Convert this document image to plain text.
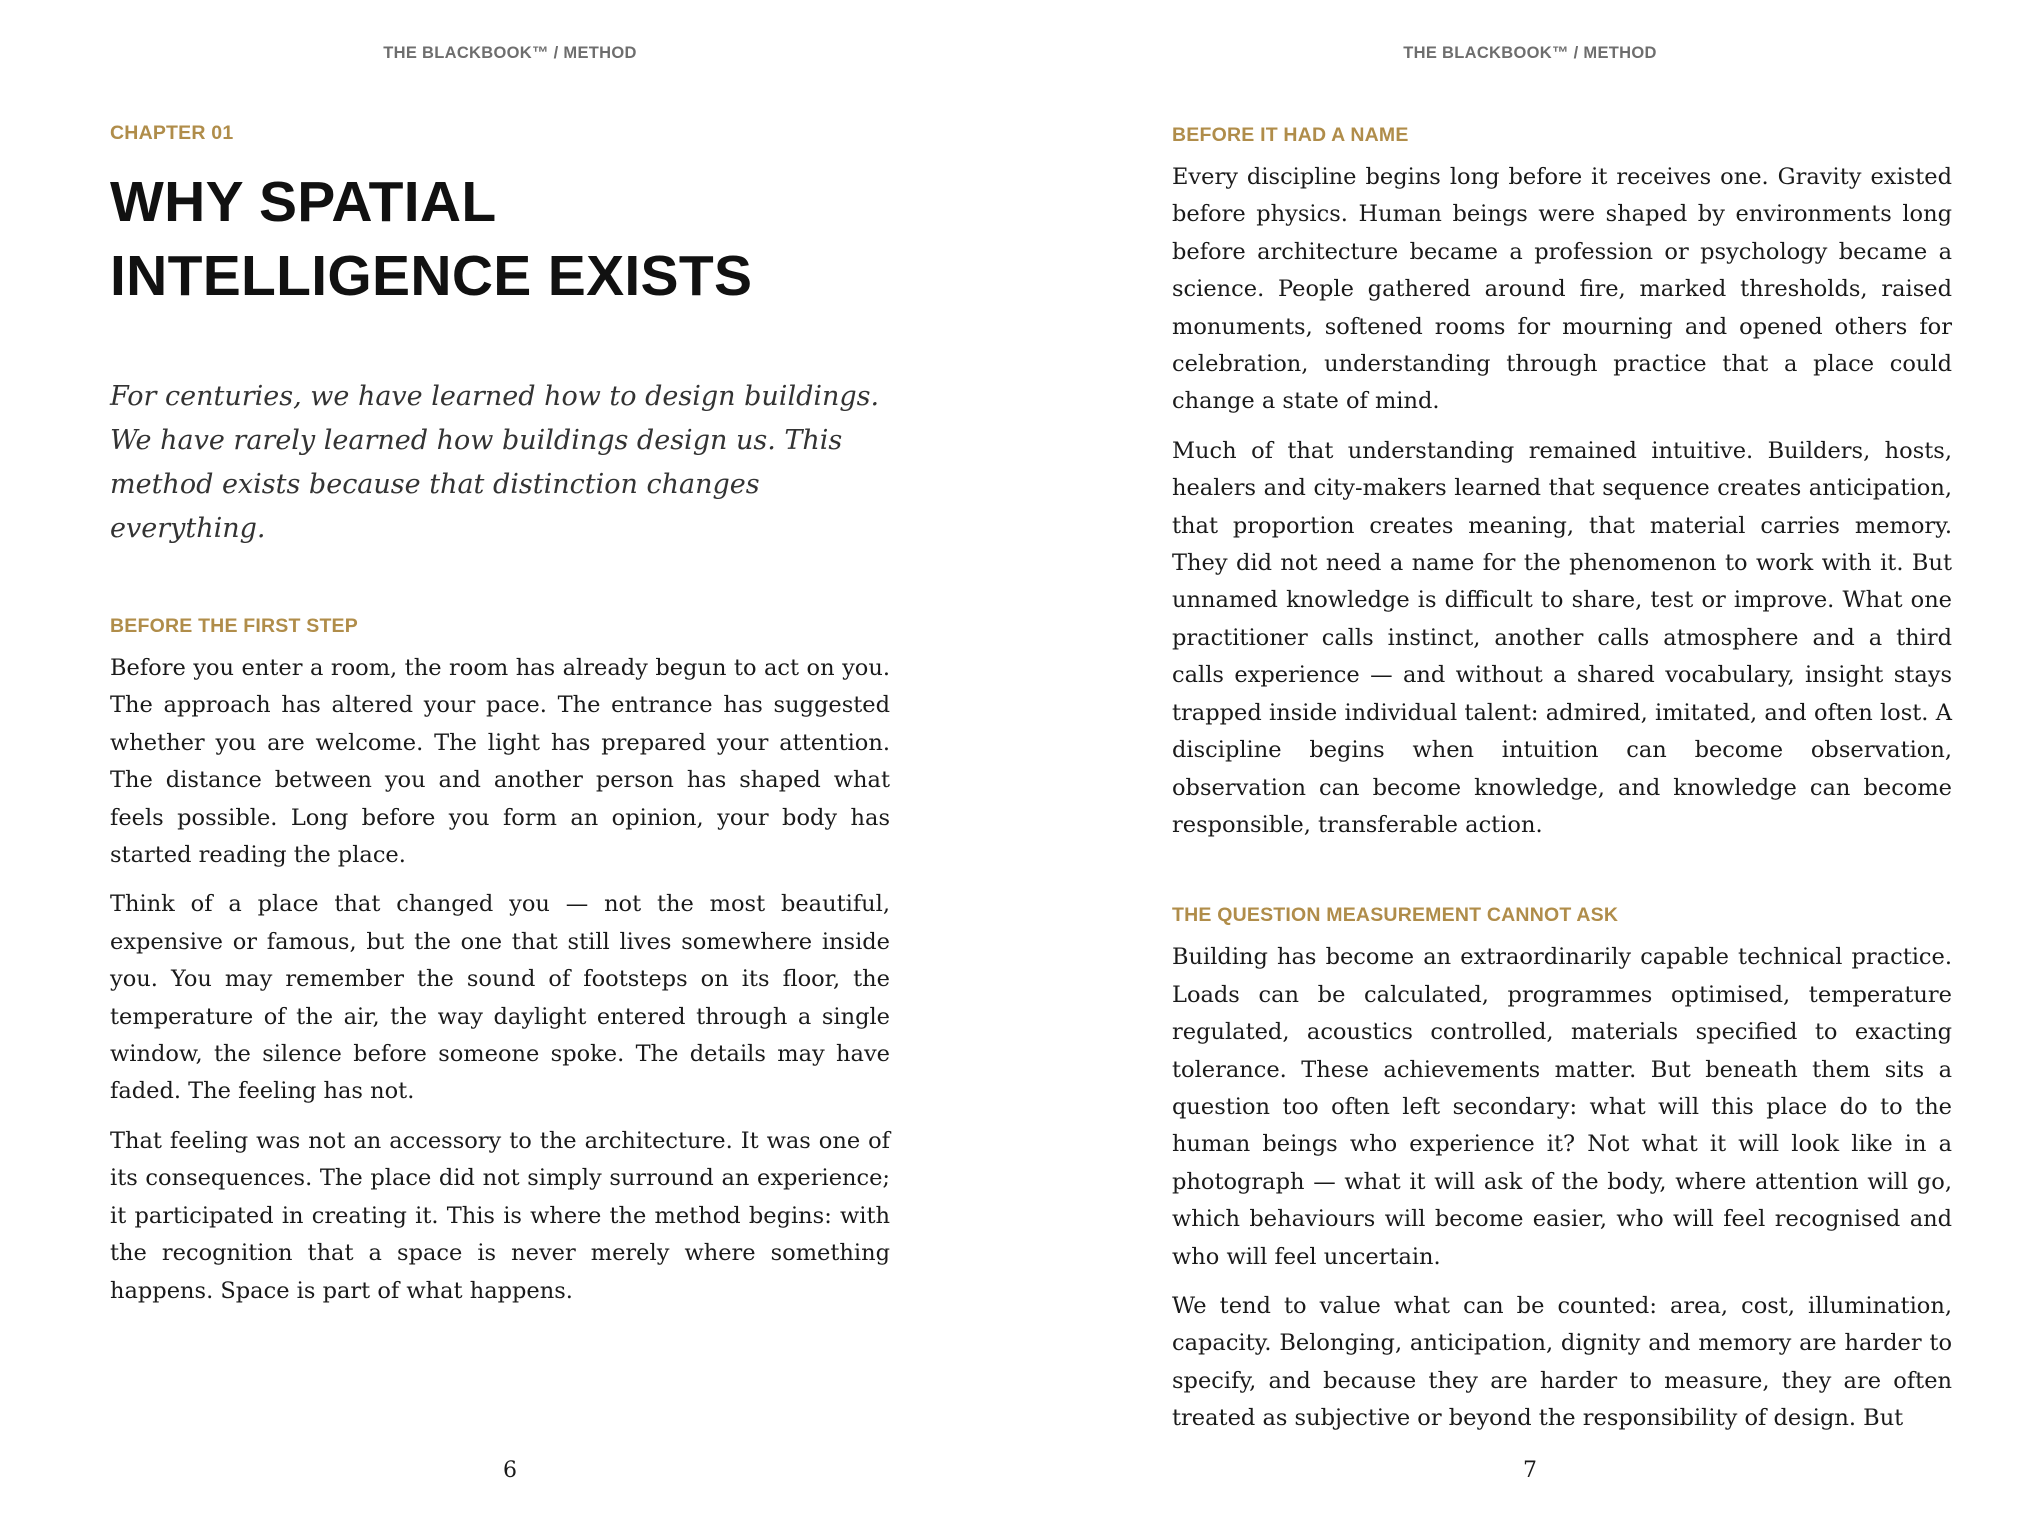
THE BLACKBOOK™ / METHOD

CHAPTER 01

WHY SPATIAL
INTELLIGENCE EXISTS

For centuries, we have learned how to design buildings. We have rarely learned how buildings design us. This method exists because that distinction changes everything.

BEFORE THE FIRST STEP

Before you enter a room, the room has already begun to act on you. The approach has altered your pace. The entrance has suggested whether you are welcome. The light has prepared your attention. The distance between you and another person has shaped what feels possible. Long before you form an opinion, your body has started reading the place.

Think of a place that changed you — not the most beautiful, expensive or famous, but the one that still lives somewhere inside you. You may remember the sound of footsteps on its floor, the temperature of the air, the way daylight entered through a single window, the silence before someone spoke. The details may have faded. The feeling has not.

That feeling was not an accessory to the architecture. It was one of its consequences. The place did not simply surround an experience; it participated in creating it. This is where the method begins: with the recognition that a space is never merely where something happens. Space is part of what happens.

6
THE BLACKBOOK™ / METHOD
BEFORE IT HAD A NAME

Every discipline begins long before it receives one. Gravity existed before physics. Human beings were shaped by environments long before architecture became a profession or psychology became a science. People gathered around fire, marked thresholds, raised monuments, softened rooms for mourning and opened others for celebration, understanding through practice that a place could change a state of mind.

Much of that understanding remained intuitive. Builders, hosts, healers and city-makers learned that sequence creates anticipation, that proportion creates meaning, that material carries memory. They did not need a name for the phenomenon to work with it. But unnamed knowledge is difficult to share, test or improve. What one practitioner calls instinct, another calls atmosphere and a third calls experience — and without a shared vocabulary, insight stays trapped inside individual talent: admired, imitated, and often lost. A discipline begins when intuition can become observation, observation can become knowledge, and knowledge can become responsible, transferable action.

THE QUESTION MEASUREMENT CANNOT ASK

Building has become an extraordinarily capable technical practice. Loads can be calculated, programmes optimised, temperature regulated, acoustics controlled, materials specified to exacting tolerance. These achievements matter. But beneath them sits a question too often left secondary: what will this place do to the human beings who experience it? Not what it will look like in a photograph — what it will ask of the body, where attention will go, which behaviours will become easier, who will feel recognised and who will feel uncertain.

We tend to value what can be counted: area, cost, illumination, capacity. Belonging, anticipation, dignity and memory are harder to specify, and because they are harder to measure, they are often treated as subjective or beyond the responsibility of design. But

7
